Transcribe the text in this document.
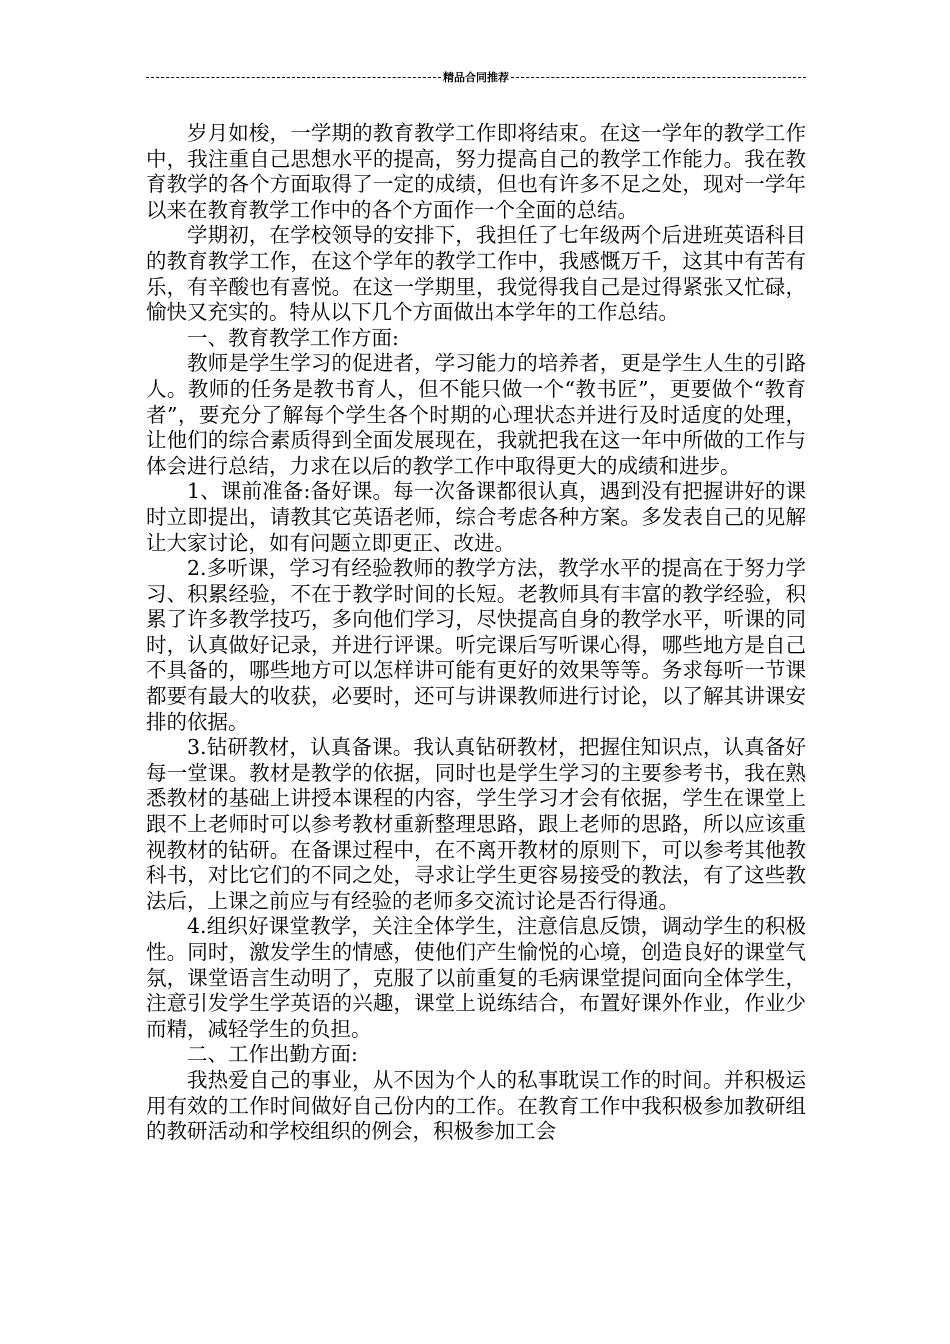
精品合同推荐

岁月如梭，一学期的教育教学工作即将结束。在这一学年的教学工作中，我注重自己思想水平的提高，努力提高自己的教学工作能力。我在教育教学的各个方面取得了一定的成绩，但也有许多不足之处，现对一学年以来在教育教学工作中的各个方面作一个全面的总结。

学期初，在学校领导的安排下，我担任了七年级两个后进班英语科目的教育教学工作，在这个学年的教学工作中，我感慨万千，这其中有苦有乐，有辛酸也有喜悦。在这一学期里，我觉得我自己是过得紧张又忙碌，愉快又充实的。特从以下几个方面做出本学年的工作总结。

一、教育教学工作方面:

教师是学生学习的促进者，学习能力的培养者，更是学生人生的引路人。教师的任务是教书育人，但不能只做一个“教书匠”，更要做个“教育者”，要充分了解每个学生各个时期的心理状态并进行及时适度的处理，让他们的综合素质得到全面发展现在，我就把我在这一年中所做的工作与体会进行总结，力求在以后的教学工作中取得更大的成绩和进步。

1、课前准备:备好课。每一次备课都很认真，遇到没有把握讲好的课时立即提出，请教其它英语老师，综合考虑各种方案。多发表自己的见解让大家讨论，如有问题立即更正、改进。

2.多听课，学习有经验教师的教学方法，教学水平的提高在于努力学习、积累经验，不在于教学时间的长短。老教师具有丰富的教学经验，积累了许多教学技巧，多向他们学习，尽快提高自身的教学水平，听课的同时，认真做好记录，并进行评课。听完课后写听课心得，哪些地方是自己不具备的，哪些地方可以怎样讲可能有更好的效果等等。务求每听一节课都要有最大的收获，必要时，还可与讲课教师进行讨论，以了解其讲课安排的依据。

3.钻研教材，认真备课。我认真钻研教材，把握住知识点，认真备好每一堂课。教材是教学的依据，同时也是学生学习的主要参考书，我在熟悉教材的基础上讲授本课程的内容，学生学习才会有依据，学生在课堂上跟不上老师时可以参考教材重新整理思路，跟上老师的思路，所以应该重视教材的钻研。在备课过程中，在不离开教材的原则下，可以参考其他教科书，对比它们的不同之处，寻求让学生更容易接受的教法，有了这些教法后，上课之前应与有经验的老师多交流讨论是否行得通。

4.组织好课堂教学，关注全体学生，注意信息反馈，调动学生的积极性。同时，激发学生的情感，使他们产生愉悦的心境，创造良好的课堂气氛，课堂语言生动明了，克服了以前重复的毛病课堂提问面向全体学生，注意引发学生学英语的兴趣，课堂上说练结合，布置好课外作业，作业少而精，减轻学生的负担。

二、工作出勤方面:

我热爱自己的事业，从不因为个人的私事耽误工作的时间。并积极运用有效的工作时间做好自己份内的工作。在教育工作中我积极参加教研组的教研活动和学校组织的例会，积极参加工会
